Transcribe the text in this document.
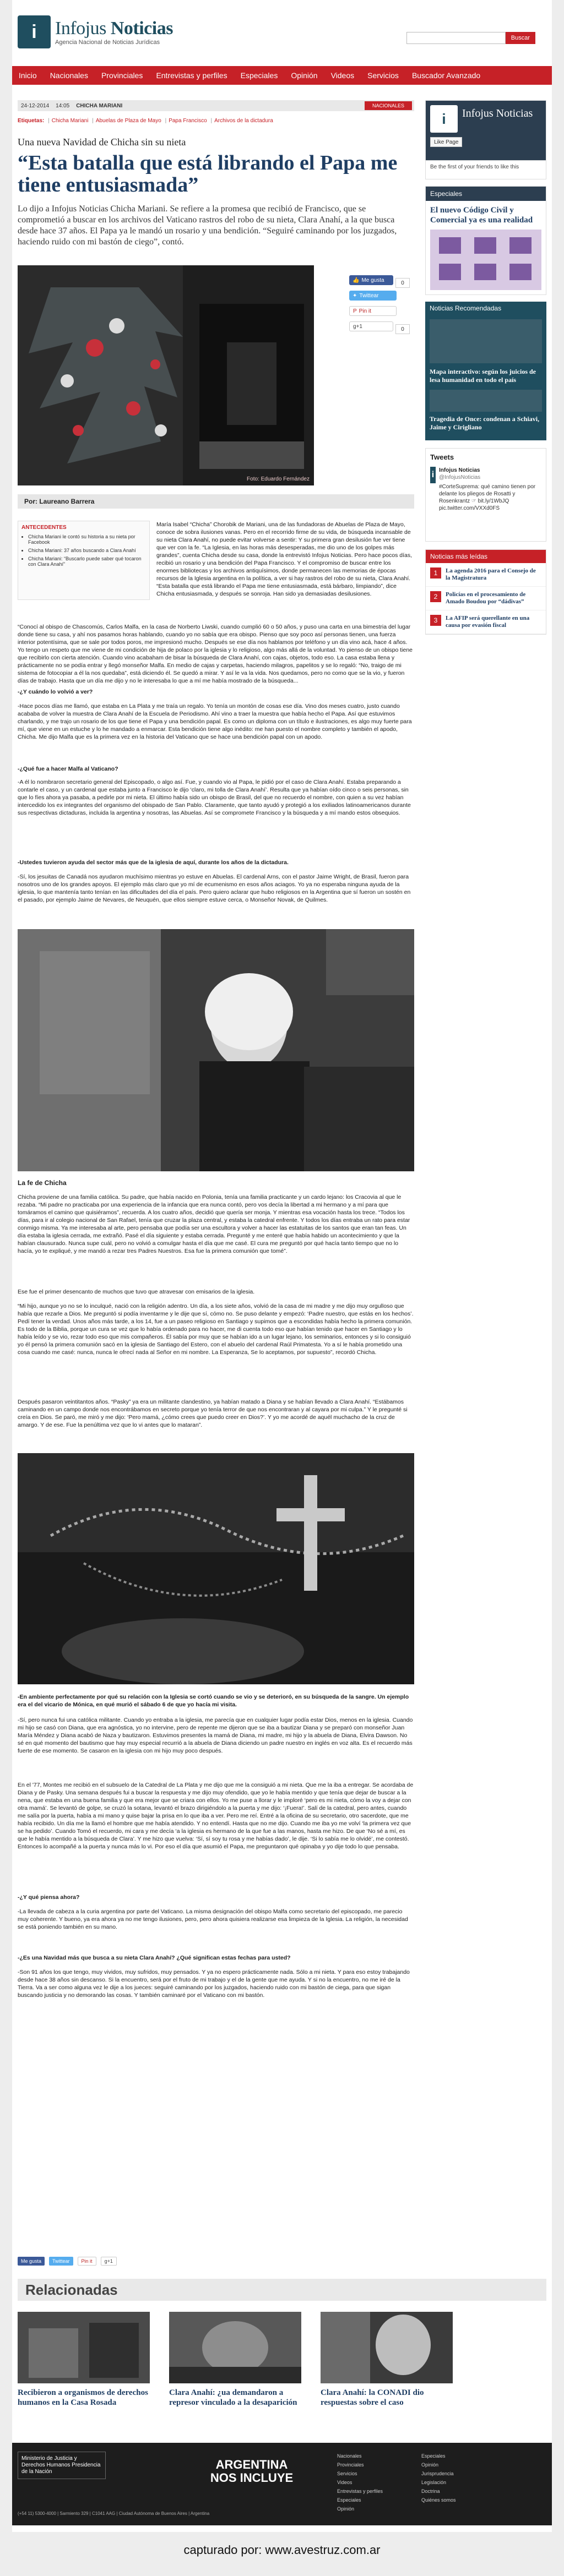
i Infojus Noticias
Agencia Nacional de Noticias Jurídicas
Buscar
Inicio Nacionales Provinciales Entrevistas y perfiles Especiales Opinión Videos Servicios Buscador Avanzado
24-12-2014 14:05 CHICHA MARIANI	NACIONALES
Etiquetas: | Chicha Mariani | Abuelas de Plaza de Mayo | Papa Francisco | Archivos de la dictadura
Una nueva Navidad de Chicha sin su nieta
“Esta batalla que está librando el Papa me tiene entusiasmada”

Lo dijo a Infojus Noticias Chicha Mariani. Se refiere a la promesa que recibió de Francisco, que se comprometió a buscar en los archivos del Vaticano rastros del robo de su nieta, Clara Anahí, a la que busca desde hace 37 años. El Papa ya le mandó un rosario y una bendición. “Seguiré caminando por los juzgados, haciendo ruido con mi bastón de ciego”, contó.

Foto: Eduardo Fernández
👍 Me gusta	0
✦ Twittear
P Pin it
g+1	0
Por: Laureano Barrera
ANTECEDENTES
• Chicha Mariani le contó su historia a su nieta por Facebook
• Chicha Mariani: 37 años buscando a Clara Anahí
• Chicha Mariani: “Buscarlo puede saber qué tocaron con Clara Anahí”

María Isabel “Chicha” Chorobik de Mariani, una de las fundadoras de Abuelas de Plaza de Mayo, conoce de sobra ilusiones vanas. Pero en el recorrido firme de su vida, de búsqueda incansable de su nieta Clara Anahí, no puede evitar volverse a sentir: Y su primera gran desilusión fue ver tiene que ver con la fe. “La Iglesia, en las horas más desesperadas, me dio uno de los golpes más grandes”, cuenta Chicha desde su casa, donde la entrevistó Infojus Noticias. Pero hace pocos días, recibió un rosario y una bendición del Papa Francisco. Y el compromiso de buscar entre los enormes bibliotecas y los archivos antiquísimos, donde permanecen las memorias de épocas recursos de la Iglesia argentina en la política, a ver si hay rastros del robo de su nieta, Clara Anahí. “Esta batalla que está librando el Papa me tiene entusiasmada, está bárbaro, limpiando”, dice Chicha entusiasmada, y después se sonroja. Han sido ya demasiadas desilusiones.

“Conocí al obispo de Chascomús, Carlos Malfa, en la casa de Norberto Liwski, cuando cumplió 60 o 50 años, y puso una carta en una bimestria del lugar donde tiene su casa, y ahí nos pasamos horas hablando, cuando yo no sabía que era obispo. Pienso que soy poco así personas tienen, una fuerza interior potentísima, que se sale por todos poros, me impresionó mucho. Después se ese día nos hablamos por teléfono y un día vino acá, hace 4 años. Yo tengo un respeto que me viene de mi condición de hija de polaco por la iglesia y lo religioso, algo más allá de la voluntad. Yo pienso de un obispo tiene que recibirlo con cierta atención. Cuando vino acabaham de bisar la búsqueda de Clara Anahí, con cajas, objetos, todo eso. La casa estaba llena y prácticamente no se podía entrar y llegó monseñor Malfa. En medio de cajas y carpetas, haciendo milagros, papelitos y se lo regaló: “No, traigo de mi sistema de fotocopiar a él la nos quedaba”, está diciendo él. Se quedó a mirar. Y así le va la vida. Nos quedamos, pero no como que se la vio, y fueron días de trabajo. Hasta que un día me dijo y no le interesaba lo que a mí me había mostrado de la búsqueda...

-¿Y cuándo lo volvió a ver?

-Hace pocos días me llamó, que estaba en La Plata y me traía un regalo. Yo tenía un montón de cosas ese día. Vino dos meses cuatro, justo cuando acababa de volver la muestra de Clara Anahí de la Escuela de Periodismo. Ahí vino a traer la muestra que había hecho el Papa. Así que estuvimos charlando, y me trajo un rosario de los que tiene el Papa y una bendición papal. Es como un diploma con un título e ilustraciones, es algo muy fuerte para mí, que viene en un estuche y lo he mandado a enmarcar. Esta bendición tiene algo inédito: me han puesto el nombre completo y también el apodo, Chicha. Me dijo Malfa que es la primera vez en la historia del Vaticano que se hace una bendición papal con un apodo.

-¿Qué fue a hacer Malfa al Vaticano?

-A él lo nombraron secretario general del Episcopado, o algo así. Fue, y cuando vio al Papa, le pidió por el caso de Clara Anahí. Estaba preparando a contarle el caso, y un cardenal que estaba junto a Francisco le dijo ‘claro, mi tolla de Clara Anahí’. Resulta que ya habían oído cinco o seis personas, sin que lo fíes ahora ya pasaba, a pedirle por mi nieta. El último había sido un obispo de Brasil, del que no recuerdo el nombre, con quien a su vez habían intercedido los ex integrantes del organismo del obispado de San Pablo. Claramente, que tanto ayudó y protegió a los exiliados latinoamericanos durante sus respectivas dictaduras, incluida la argentina y nosotras, las Abuelas. Así se compromete Francisco y la búsqueda y a mí mando estos obsequios.

-Ustedes tuvieron ayuda del sector más que de la iglesia de aquí, durante los años de la dictadura.

-Sí, los jesuitas de Canadá nos ayudaron muchísimo mientras yo estuve en Abuelas. El cardenal Arns, con el pastor Jaime Wright, de Brasil, fueron para nosotros uno de los grandes apoyos. El ejemplo más claro que yo mí de ecumenismo en esos años aciagos. Yo ya no esperaba ninguna ayuda de la iglesia, lo que mantenía tanto tenían en las dificultades del día el país. Pero quiero aclarar que hubo religiosos en la Argentina que sí fueron un sostén en el pasado, por ejemplo Jaime de Nevares, de Neuquén, que ellos siempre estuve cerca, o Monseñor Novak, de Quilmes.

La fe de Chicha

Chicha proviene de una familia católica. Su padre, que había nacido en Polonia, tenía una familia practicante y un cardo lejano: los Cracovia al que le rezaba. “Mi padre no practicaba por una experiencia de la infancia que era nunca contó, pero vos decía la libertad a mi hermano y a mí para que tomáramos el camino que quisiéramos”, recuerda. A los cuatro años, decidió que quería ser monja. Y mientras esa vocación hasta los trece. “Todos los días, para ir al colegio nacional de San Rafael, tenía que cruzar la plaza central, y estaba la catedral enfrente. Y todos los días entraba un rato para estar conmigo misma. Ya me interesaba al arte, pero pensaba que podía ser una escultora y volver a hacer las estatuitas de los santos que eran tan feas. Un día estaba la iglesia cerrada, me extrañó. Pasé el día siguiente y estaba cerrada. Pregunté y me enteré que había habido un acontecimiento y que la habían clausurado. Nunca supe cuál, pero no volvió a comulgar hasta el día que me casé. El cura me preguntó por qué hacía tanto tiempo que no lo hacía, yo te expliqué, y me mandó a rezar tres Padres Nuestros. Esa fue la primera comunión que tomé”.

Ese fue el primer desencanto de muchos que tuvo que atravesar con emisarios de la iglesia.

“Mi hijo, aunque yo no se lo inculqué, nació con la religión adentro. Un día, a los siete años, volvió de la casa de mi madre y me dijo muy orgulloso que había que rezarle a Dios. Me preguntó si podía inventarme y le dije que sí, cómo no. Se puso delante y empezó: ‘Padre nuestro, que estás en los hechos’. Pedí tener la verdad. Unos años más tarde, a los 14, fue a un paseo religioso en Santiago y supimos que a escondidas había hecho la primera comunión. Es todo de la Biblia, porque un cura se vez que lo había ordenado para no hacer, me di cuenta todo eso que habían tenido que hacer en Santiago y lo había leído y se vio, rezar todo eso que mis compañeros. Él sabía por muy que se habían ido a un lugar lejano, los seminarios, entonces y si lo consiguió yo él pensó la primera comunión sacó en la iglesia de Santiago del Estero, con el abuelo del cardenal Raúl Primatesta. Yo a sí le había prometido una cosa cuando me casé: nunca, nunca le ofrecí nada al Señor en mi nombre. La Esperanza, Se lo aceptamos, por supuesto”, recordó Chicha.

Después pasaron veintitantos años. “Pasky” ya era un militante clandestino, ya habían matado a Diana y se habían llevado a Clara Anahí. “Estábamos caminando en un campo donde nos encontrábamos en secreto porque yo tenía terror de que nos encontraran y al cayara por mi culpa.” Y le pregunté si creía en Dios. Se paró, me miró y me dijo: ‘Pero mamá, ¿cómo crees que puedo creer en Dios?’. Y yo me acordé de aquél muchacho de la cruz de amargo. Y de ese. Fue la penúltima vez que lo vi antes que lo mataran”.

-En ambiente perfectamente por qué su relación con la Iglesia se cortó cuando se vio y se deterioró, en su búsqueda de la sangre. Un ejemplo era el del vicario de Mónica, en qué murió el sábado 6 de que yo hacía mi visita.

-Sí, pero nunca fui una católica militante. Cuando yo entraba a la iglesia, me parecía que en cualquier lugar podía estar Dios, menos en la iglesia. Cuando mi hijo se casó con Diana, que era agnóstica, yo no intervine, pero de repente me dijeron que se iba a bautizar Diana y se preparó con monseñor Juan María Méndez y Diana acabó de Naza y bautizaron. Estuvimos presentes la mamá de Diana, mi madre, mi hijo y la abuela de Diana, Elvira Dawson. No sé en qué momento del bautismo que hay muy especial recurrió a la abuela de Diana diciendo un padre nuestro en inglés en voz alta. Es el recuerdo más fuerte de ese momento. Se casaron en la iglesia con mi hijo muy poco después.

En el '77, Montes me recibió en el subsuelo de la Catedral de La Plata y me dijo que me la consiguió a mi nieta. Que me la iba a entregar. Se acordaba de Diana y de Pasky. Una semana después fui a buscar la respuesta y me dijo muy ofendido, que yo le había mentido y que tenía que dejar de buscar a la nena, que estaba en una buena familia y que era mejor que se criara con ellos. Yo me puse a llorar y le imploré ‘pero es mi nieta, cómo la voy a dejar con otra mamá’. Se levantó de golpe, se cruzó la sotana, levantó el brazo dirigiéndolo a la puerta y me dijo: ‘¡Fuera!’. Salí de la catedral, pero antes, cuando me salía por la puerta, había a mi mano y quise bajar la prisa en lo que iba a ver. Pero me reí. Entré a la oficina de su secretario, otro sacerdote, que me había recibido. Un día me la llamó el hombre que me había atendido. Y no entendí. Hasta que no me dijo. Cuando me iba yo me volví ‘la primera vez que se ha pedido’. Cuando Tomó el recuerdo, mi cara y me decía ‘a la iglesia es hermano de la que fue a las manos, hasta me hizo. De que ‘No sé a mí, es que le había mentido a la búsqueda de Clara’. Y me hizo que vuelva: ‘Sí, sí soy tu rosa y me habías dado’, le dije. ‘Si lo sabía me lo olvidé’, me contestó. Entonces lo acompañé a la puerta y nunca más lo vi. Por eso el día que asumió el Papa, me preguntaron qué opinaba y yo dije todo lo que pensaba.

-¿Y qué piensa ahora?

-La llevada de cabeza a la curia argentina por parte del Vaticano. La misma designación del obispo Malfa como secretario del episcopado, me parecio muy coherente. Y bueno, ya era ahora ya no me tengo ilusiones, pero, pero ahora quisiera realizarse esa limpieza de la Iglesia. La religión, la necesidad se está poniendo también en su mano.

-¿Es una Navidad más que busca a su nieta Clara Anahí? ¿Qué significan estas fechas para usted?

-Son 91 años los que tengo, muy vividos, muy sufridos, muy pensados. Y ya no espero prácticamente nada. Sólo a mi nieta. Y para eso estoy trabajando desde hace 38 años sin descanso. Si la encuentro, será por el fruto de mi trabajo y el de la gente que me ayuda. Y si no la encuentro, no me iré de la Tierra. Va a ser como alguna vez le dije a los jueces: seguiré caminando por los juzgados, haciendo ruido con mi bastón de ciega, para que sigan buscando justicia y no demorando las cosas. Y también caminaré por el Vaticano con mi bastón.

Me gusta	Twittear	Pin it	g+1
Relacionadas
Recibieron a organismos de derechos humanos en la Casa Rosada
Clara Anahí: ¿ua demandaron a represor vinculado a la desaparición
Clara Anahí: la CONADI dio respuestas sobre el caso
i	Infojus Noticias
Like Page
Be the first of your friends to like this
Especiales
El nuevo Código Civil y Comercial ya es una realidad
Noticias Recomendadas
Mapa interactivo: según los juicios de lesa humanidad en todo el país
Tragedia de Once: condenan a Schiavi, Jaime y Cirigliano
Tweets
i Infojus Noticias
@InfojusNoticias
#CorteSuprema: qué camino tienen por delante los pliegos de Rosatti y Rosenkrantz ☞ bit.ly/1WbJQ pic.twitter.com/VXXd0FS
Noticias más leídas
1	La agenda 2016 para el Consejo de la Magistratura
2	Policías en el procesamiento de Amado Boudou por “dádivas”
3	La AFIP será querellante en una causa por evasión fiscal
Ministerio de Justicia y Derechos Humanos Presidencia de la Nación
ARGENTINA
NOS INCLUYE
Nacionales
Provinciales
Servicios
Videos
Entrevistas y perfiles
Especiales
Opinión
Especiales
Opinión
Jurisprudencia
Legislación
Doctrina
Quiénes somos
(+54 11) 5300-4000 | Sarmiento 329 | C1041 AAG | Ciudad Autónoma de Buenos Aires | Argentina
capturado por: www.avestruz.com.ar
